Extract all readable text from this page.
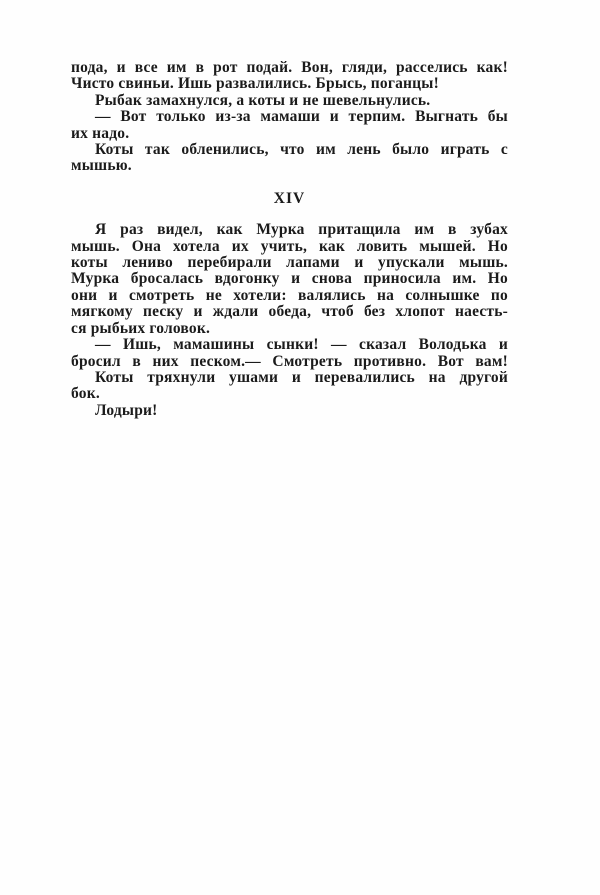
пода, и все им в рот подай. Вон, гляди, расселись как!
Чисто свиньи. Ишь развалились. Брысь, поганцы!
Рыбак замахнулся, а коты и не шевельнулись.
— Вот только из-за мамаши и терпим. Выгнать бы
их надо.
Коты так обленились, что им лень было играть с
мышью.
XIV
Я раз видел, как Мурка притащила им в зубах
мышь. Она хотела их учить, как ловить мышей. Но
коты лениво перебирали лапами и упускали мышь.
Мурка бросалась вдогонку и снова приносила им. Но
они и смотреть не хотели: валялись на солнышке по
мягкому песку и ждали обеда, чтоб без хлопот наесть-
ся рыбьих головок.
— Ишь, мамашины сынки! — сказал Володька и
бросил в них песком.— Смотреть противно. Вот вам!
Коты тряхнули ушами и перевалились на другой
бок.
Лодыри!
